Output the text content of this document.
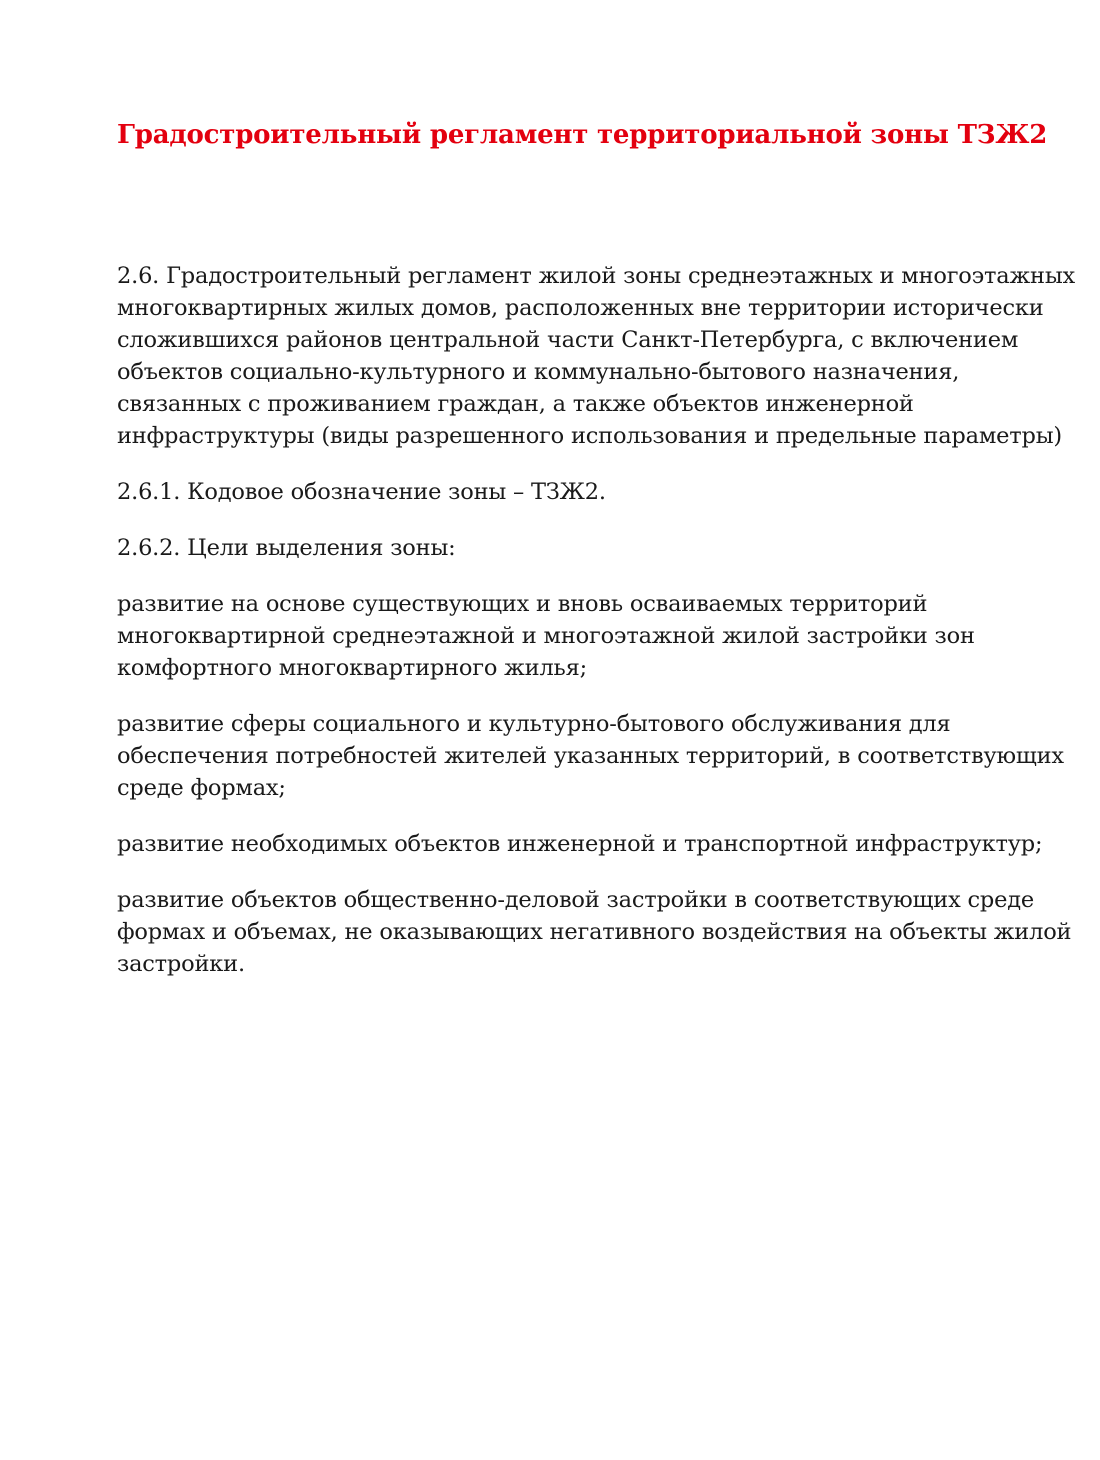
Градостроительный регламент территориальной зоны ТЗЖ2

2.6. Градостроительный регламент жилой зоны среднеэтажных и многоэтажных многоквартирных жилых домов, расположенных вне территории исторически сложившихся районов центральной части Санкт-Петербурга, с включением объектов социально-культурного и коммунально-бытового назначения, связанных с проживанием граждан, а также объектов инженерной инфраструктуры (виды разрешенного использования и предельные параметры)

2.6.1. Кодовое обозначение зоны – ТЗЖ2.

2.6.2. Цели выделения зоны:

развитие на основе существующих и вновь осваиваемых территорий многоквартирной среднеэтажной и многоэтажной жилой застройки зон комфортного многоквартирного жилья;

развитие сферы социального и культурно-бытового обслуживания для обеспечения потребностей жителей указанных территорий, в соответствующих среде формах;

развитие необходимых объектов инженерной и транспортной инфраструктур;

развитие объектов общественно-деловой застройки в соответствующих среде формах и объемах, не оказывающих негативного воздействия на объекты жилой застройки.
